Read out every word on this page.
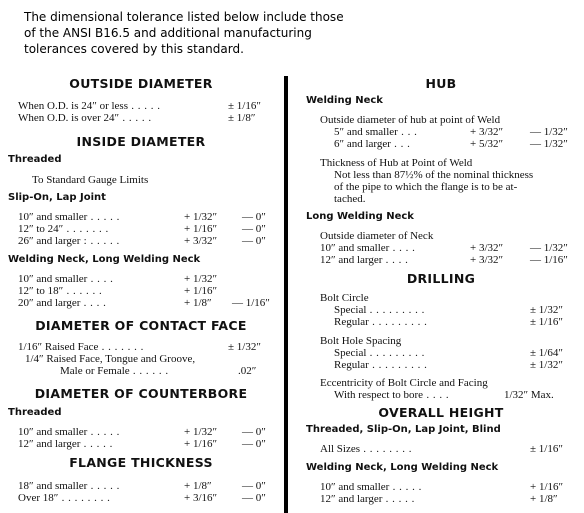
The dimensional tolerance listed below include those
of the ANSI B16.5 and additional manufacturing
tolerances covered by this standard.
OUTSIDE DIAMETER
When O.D. is 24″ or less . . . . .	± 1/16″
When O.D. is over 24″ . . . . .	± 1/8″
INSIDE DIAMETER
Threaded
To Standard Gauge Limits
Slip-On, Lap Joint
10″ and smaller . . . . .	+ 1/32″ — 0″
12″ to 24″ . . . . . . .	+ 1/16″ — 0″
26″ and larger : . . . . .	+ 3/32″ — 0″
Welding Neck, Long Welding Neck
10″ and smaller . . . .	+ 1/32″
12″ to 18″ . . . . . .	+ 1/16″
20″ and larger . . . .	+ 1/8″ — 1/16″
DIAMETER OF CONTACT FACE
1/16″ Raised Face . . . . . . .	± 1/32″
1/4″ Raised Face, Tongue and Groove,
Male or Female . . . . . .	.02″
DIAMETER OF COUNTERBORE
Threaded
10″ and smaller . . . . .	+ 1/32″ — 0″
12″ and larger . . . . .	+ 1/16″ — 0″
FLANGE THICKNESS
18″ and smaller . . . . .	+ 1/8″	— 0″
Over 18″ . . . . . . . .	+ 3/16″ — 0″
HUB
Welding Neck
Outside diameter of hub at point of Weld
5″ and smaller . . .	+ 3/32″ — 1/32″
6″ and larger . . .	+ 5/32″ — 1/32″
Thickness of Hub at Point of Weld
Not less than 87½% of the nominal thickness
of the pipe to which the flange is to be at-
tached.
Long Welding Neck
Outside diameter of Neck
10″ and smaller . . . .	+ 3/32″ — 1/32″
12″ and larger . . . .	+ 3/32″ — 1/16″
DRILLING
Bolt Circle
Special . . . . . . . . .	± 1/32″
Regular . . . . . . . . .	± 1/16″
Bolt Hole Spacing
Special . . . . . . . . .	± 1/64″
Regular . . . . . . . . .	± 1/32″
Eccentricity of Bolt Circle and Facing
With respect to bore . . . .	1/32″ Max.
OVERALL HEIGHT
Threaded, Slip-On, Lap Joint, Blind
All Sizes . . . . . . . .	± 1/16″
Welding Neck, Long Welding Neck
10″ and smaller . . . . .	+ 1/16″
12″ and larger . . . . .	+ 1/8″
